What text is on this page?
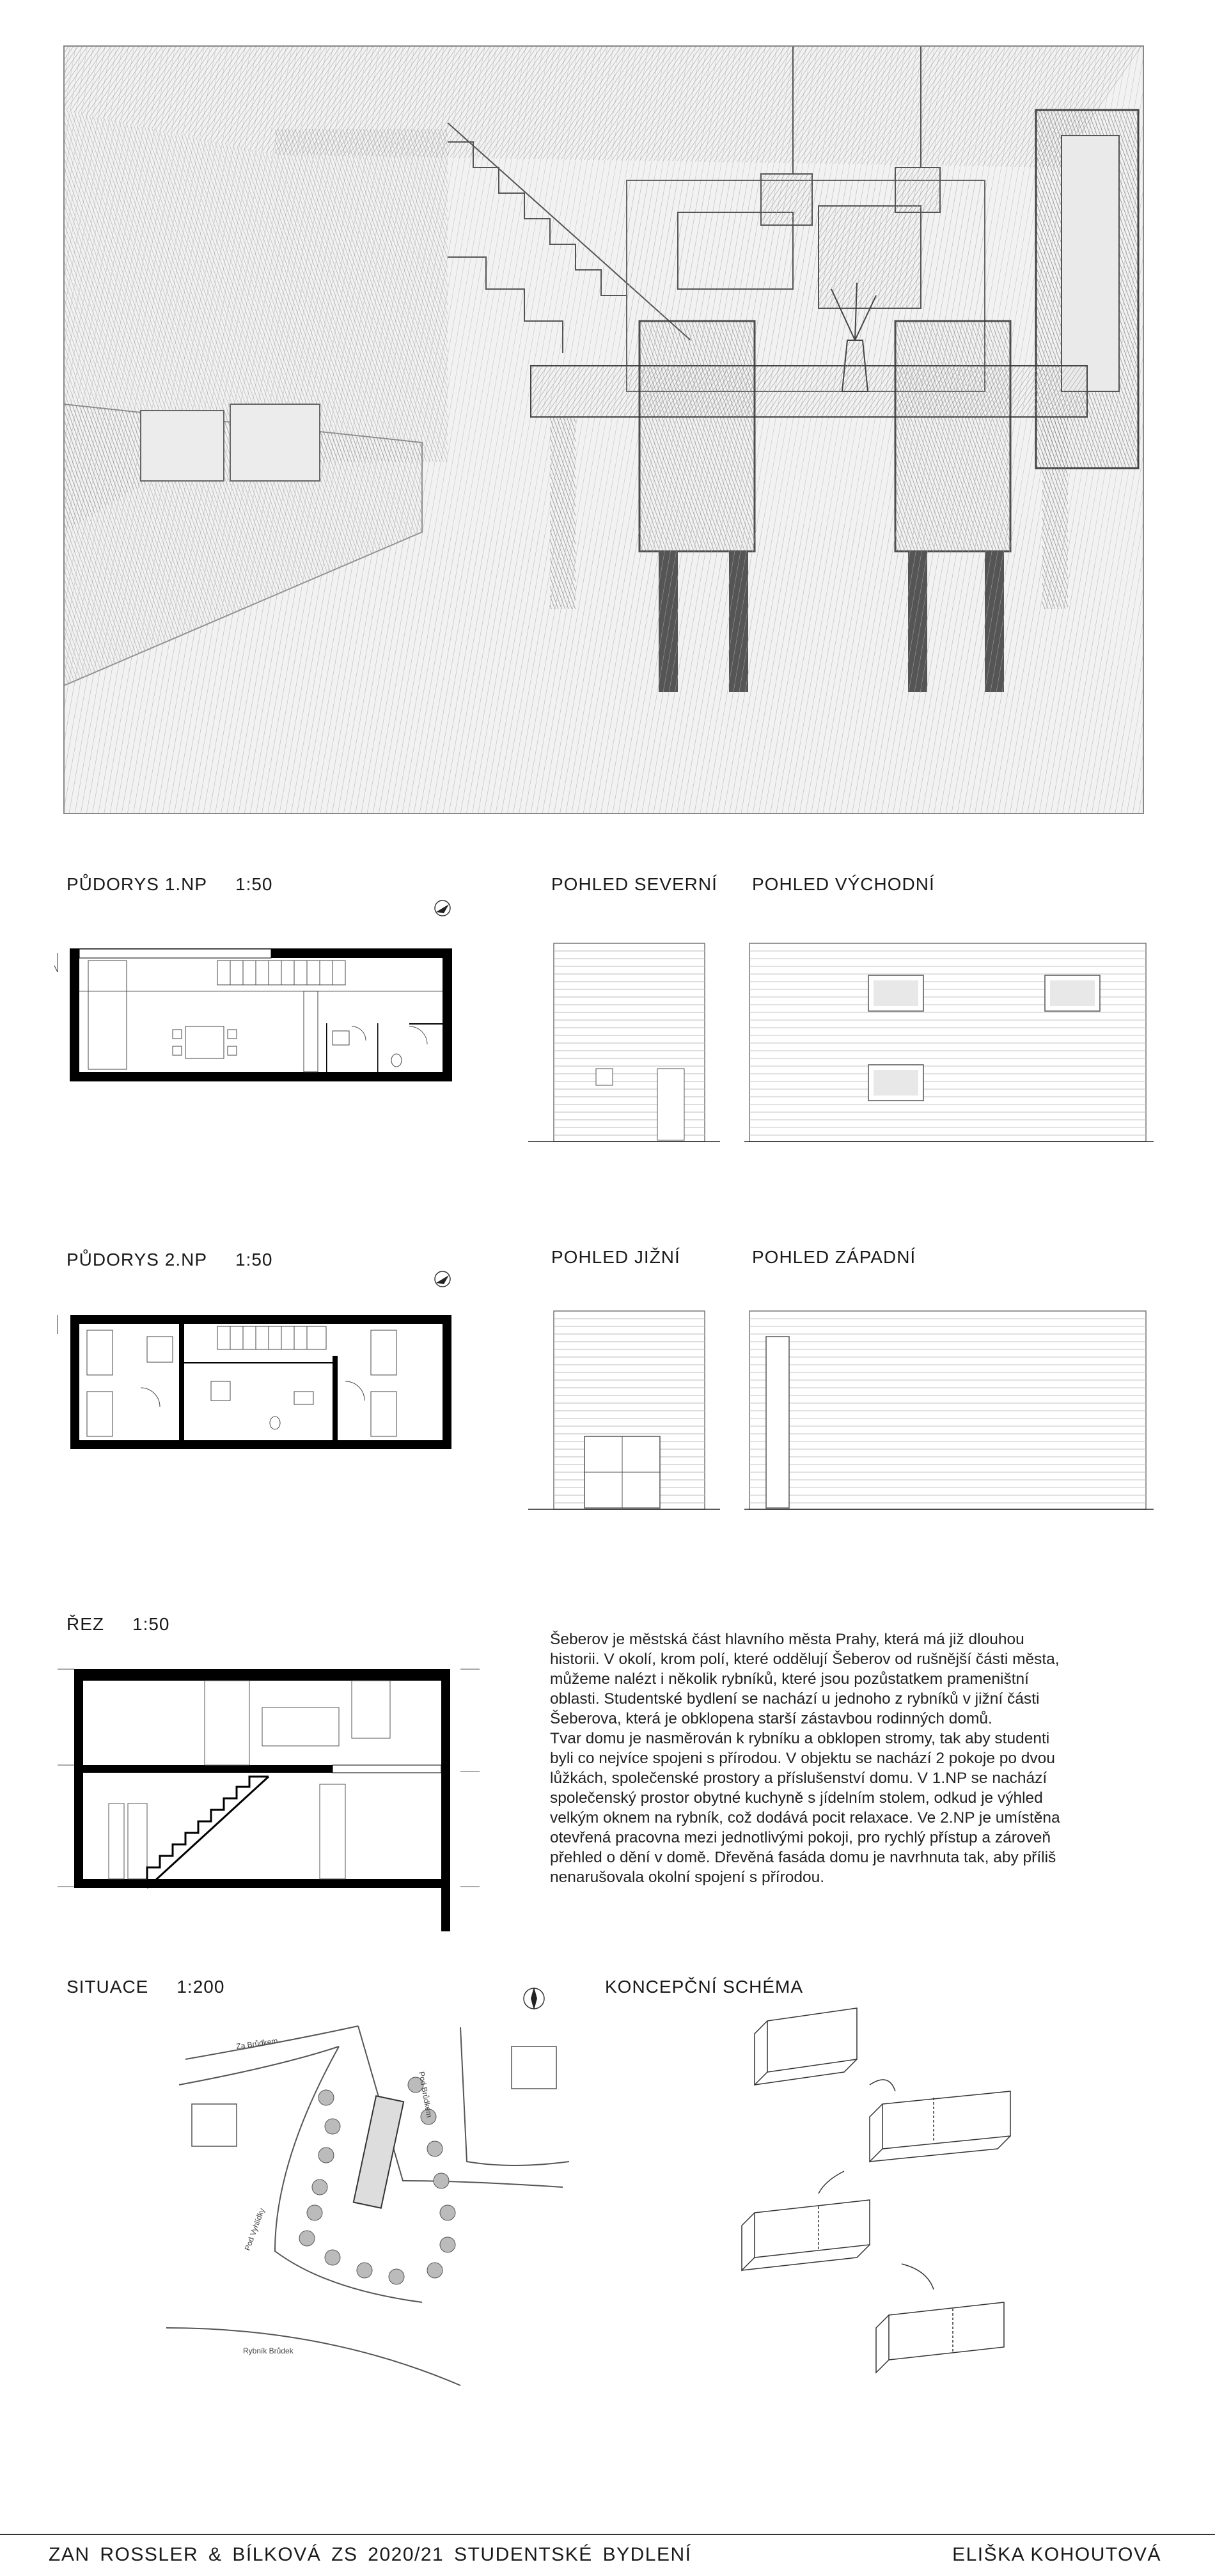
PŮDORYS 1.NP 1:50	POHLED SEVERNÍ POHLED VÝCHODNÍ
PŮDORYS 2.NP 1:50	POHLED JIŽNÍ	POHLED ZÁPADNÍ
ŘEZ 1:50
SITUACE 1:200	KONCEPČNÍ SCHÉMA
Šeberov je městská část hlavního města Prahy, která má již dlouhou
historii. V okolí, krom polí, které oddělují Šeberov od rušnější části města,
můžeme nalézt i několik rybníků, které jsou pozůstatkem prameništní
oblasti. Studentské bydlení se nachází u jednoho z rybníků v jižní části
Šeberova, která je obklopena starší zástavbou rodinných domů.
Tvar domu je nasměrován k rybníku a obklopen stromy, tak aby studenti
byli co nejvíce spojeni s přírodou. V objektu se nachází 2 pokoje po dvou
lůžkách, společenské prostory a příslušenství domu. V 1.NP se nachází
společenský prostor obytné kuchyně s jídelním stolem, odkud je výhled
velkým oknem na rybník, což dodává pocit relaxace. Ve 2.NP je umístěna
otevřená pracovna mezi jednotlivými pokoji, pro rychlý přístup a zároveň
přehled o dění v domě. Dřevěná fasáda domu je navrhnuta tak, aby příliš
nenarušovala okolní spojení s přírodou.
Za Brůdkem
Pod Brůdkem
Pod Vyhlídky
Rybník Brůdek
ZAN ROSSLER & BÍLKOVÁ ZS 2020/21 STUDENTSKÉ BYDLENÍ	ELIŠKA KOHOUTOVÁ
